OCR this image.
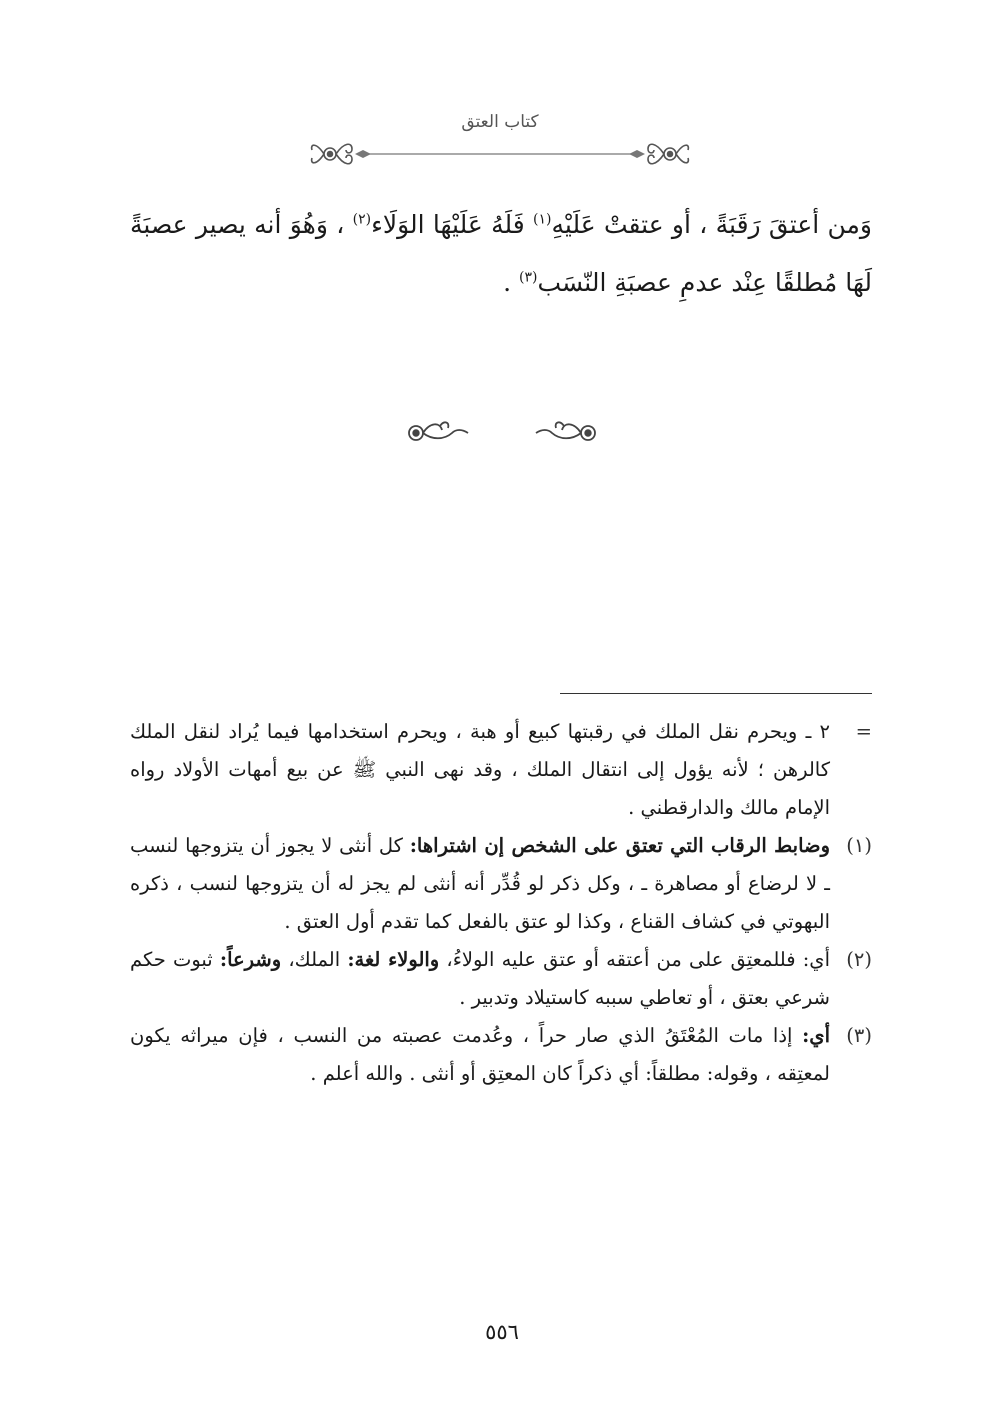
كتاب العتق
وَمن أعتقَ رَقَبَةً ، أو عتقتْ عَلَيْهِ$^{(١)}$ فَلَهُ عَلَيْهَا الوَلَاء$^{(٢)}$ ، وَهُوَ أنه يصير عصبَةً لَهَا مُطلقًا عِنْد عدمِ عصبَةِ النّسَب$^{(٣)}$ .
=
٢ ـ ويحرم نقل الملك في رقبتها كبيع أو هبة ، ويحرم استخدامها فيما يُراد لنقل الملك كالرهن ؛ لأنه يؤول إلى انتقال الملك ، وقد نهى النبي ﷺ عن بيع أمهات الأولاد رواه الإمام مالك والدارقطني .
(١)
وضابط الرقاب التي تعتق على الشخص إن اشتراها: كل أنثى لا يجوز أن يتزوجها لنسب ـ لا لرضاع أو مصاهرة ـ ، وكل ذكر لو قُدِّر أنه أنثى لم يجز له أن يتزوجها لنسب ، ذكره البهوتي في كشاف القناع ، وكذا لو عتق بالفعل كما تقدم أول العتق .
(٢)
أي: فللمعتِق على من أعتقه أو عتق عليه الولاءُ، والولاء لغة: الملك، وشرعاً: ثبوت حكم شرعي بعتق ، أو تعاطي سببه كاستيلاد وتدبير .
(٣)
أي: إذا مات المُعْتَقُ الذي صار حراً ، وعُدمت عصبته من النسب ، فإن ميراثه يكون لمعتِقه ، وقوله: مطلقاً: أي ذكراً كان المعتِق أو أنثى . والله أعلم .
٥٥٦
